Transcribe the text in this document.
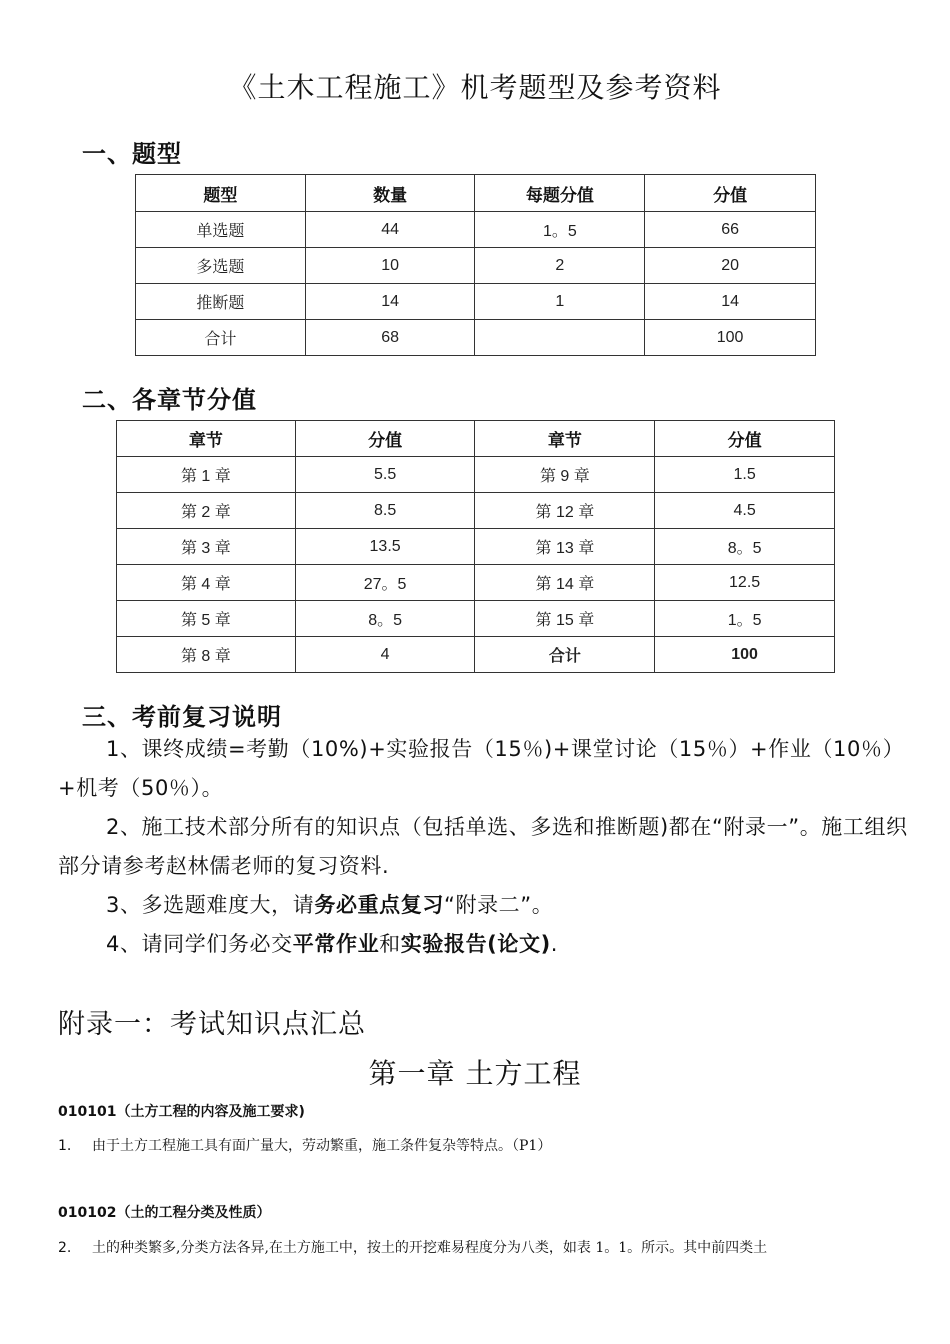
《土木工程施工》机考题型及参考资料
一、题型
题型	数量	每题分值	分值
单选题	44	1。5	66
多选题	10	2	20
推断题	14	1	14
合计	68		100
二、各章节分值
章节	分值	章节	分值
第 1 章	5.5	第 9 章	1.5
第 2 章	8.5	第 12 章	4.5
第 3 章	13.5	第 13 章	8。5
第 4 章	27。5	第 14 章	12.5
第 5 章	8。5	第 15 章	1。5
第 8 章	4	合计	100
三、考前复习说明
1、课终成绩=考勤（10%)+实验报告（15％)+课堂讨论（15％）+作业（10％）+机考（50％）。
2、施工技术部分所有的知识点（包括单选、多选和推断题)都在“附录一”。施工组织部分请参考赵林儒老师的复习资料.
3、多选题难度大，请务必重点复习“附录二”。
4、请同学们务必交平常作业和实验报告(论文).
附录一：考试知识点汇总
第一章 土方工程
010101（土方工程的内容及施工要求)
1. 由于土方工程施工具有面广量大，劳动繁重，施工条件复杂等特点。（P1）
010102（土的工程分类及性质）
2. 土的种类繁多,分类方法各异,在土方施工中，按土的开挖难易程度分为八类，如表 1。1。所示。其中前四类土
